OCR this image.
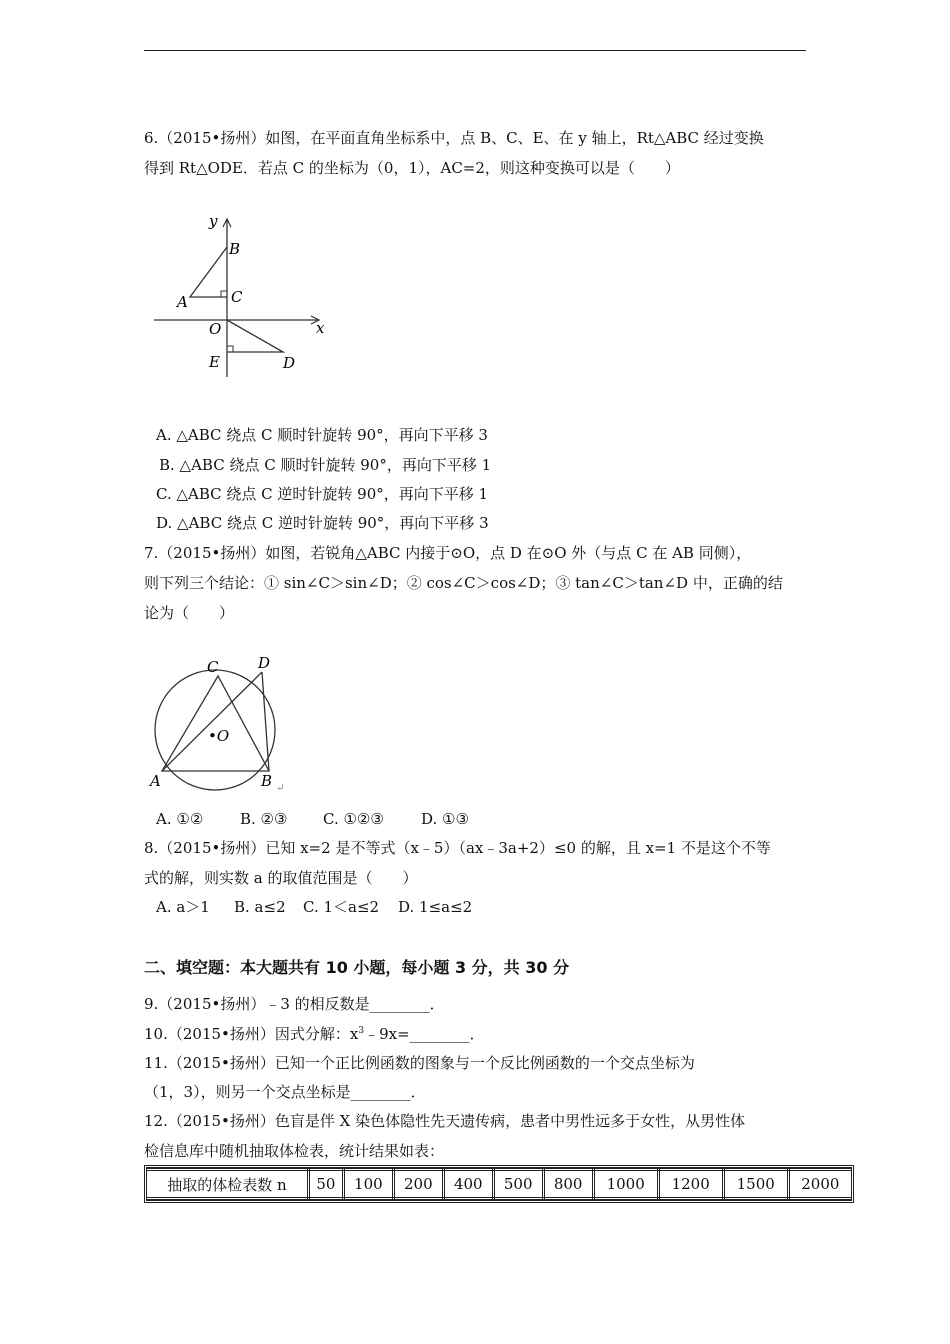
6.（2015•扬州）如图，在平面直角坐标系中，点 B、C、E、在 y 轴上，Rt△ABC 经过变换
得到 Rt△ODE．若点 C 的坐标为（0，1），AC=2，则这种变换可以是（　　）
y
B
A	C
O	x
E	D
A. △ABC 绕点 C 顺时针旋转 90°，再向下平移 3
B. △ABC 绕点 C 顺时针旋转 90°，再向下平移 1
C. △ABC 绕点 C 逆时针旋转 90°，再向下平移 1
D. △ABC 绕点 C 逆时针旋转 90°，再向下平移 3
7.（2015•扬州）如图，若锐角△ABC 内接于⊙O，点 D 在⊙O 外（与点 C 在 AB 同侧），
则下列三个结论：① sin∠C＞sin∠D；② cos∠C＞cos∠D；③ tan∠C＞tan∠D 中，正确的结
论为（　　）
C	D
•O
A	B ↵
A. ①② B. ②③ C. ①②③ D. ①③
8.（2015•扬州）已知 x=2 是不等式（x﹣5）（ax﹣3a+2）≤0 的解，且 x=1 不是这个不等
式的解，则实数 a 的取值范围是（　　）
A. a＞1 B. a≤2 C. 1＜a≤2 D. 1≤a≤2
二、填空题：本大题共有 10 小题，每小题 3 分，共 30 分
9.（2015•扬州）﹣3 的相反数是________．
10.（2015•扬州）因式分解：$x^3﹣9x=\_\_\_\_\_\_\_\_$．
11.（2015•扬州）已知一个正比例函数的图象与一个反比例函数的一个交点坐标为
（1，3），则另一个交点坐标是________．
12.（2015•扬州）色盲是伴 X 染色体隐性先天遗传病，患者中男性远多于女性，从男性体
检信息库中随机抽取体检表，统计结果如表：
抽取的体检表数 n	50	100	200	400	500	800	1000	1200	1500	2000
